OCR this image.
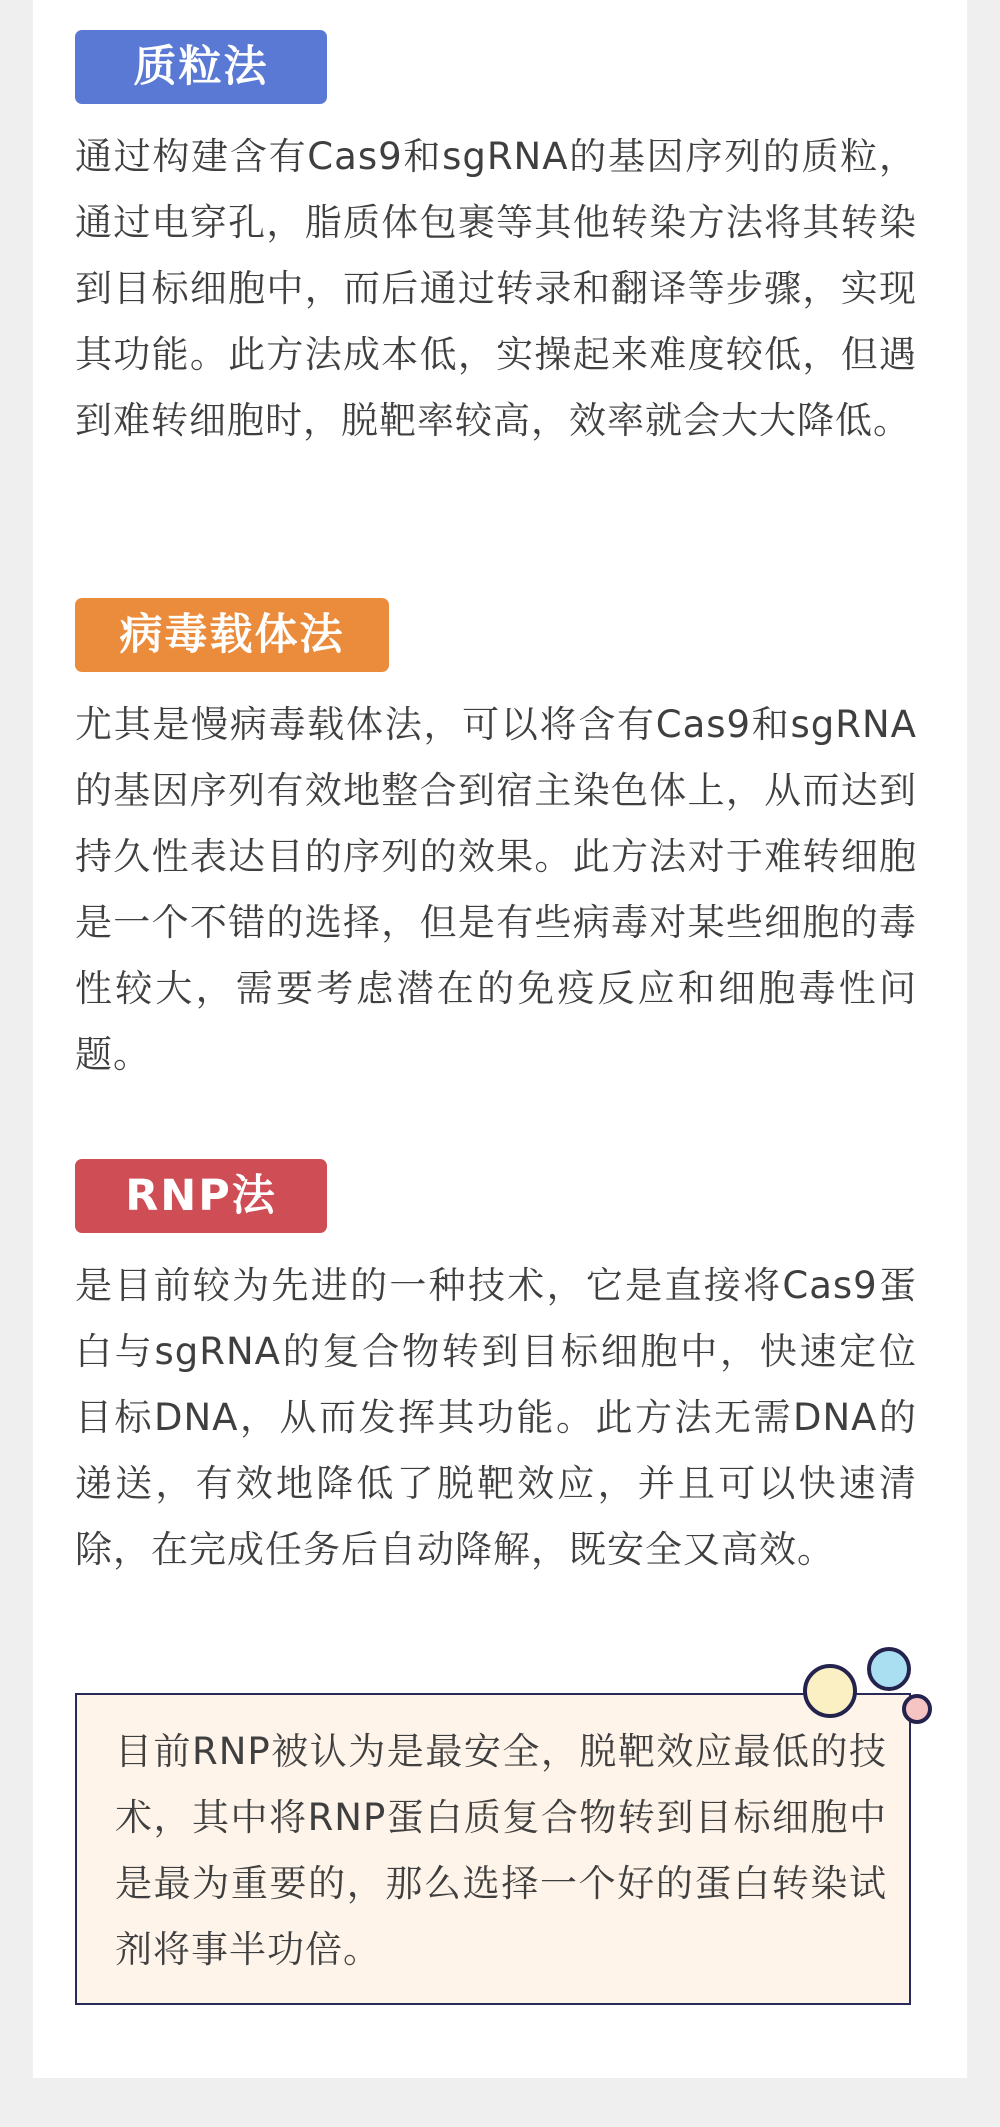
质粒法

通过构建含有Cas9和sgRNA的基因序列的质粒，通过电穿孔，脂质体包裹等其他转染方法将其转染到目标细胞中，而后通过转录和翻译等步骤，实现其功能。此方法成本低，实操起来难度较低，但遇到难转细胞时，脱靶率较高，效率就会大大降低。

病毒载体法

尤其是慢病毒载体法，可以将含有Cas9和sgRNA的基因序列有效地整合到宿主染色体上，从而达到持久性表达目的序列的效果。此方法对于难转细胞是一个不错的选择，但是有些病毒对某些细胞的毒性较大，需要考虑潜在的免疫反应和细胞毒性问题。

RNP法

是目前较为先进的一种技术，它是直接将Cas9蛋白与sgRNA的复合物转到目标细胞中，快速定位目标DNA，从而发挥其功能。此方法无需DNA的递送，有效地降低了脱靶效应，并且可以快速清除，在完成任务后自动降解，既安全又高效。

目前RNP被认为是最安全，脱靶效应最低的技术，其中将RNP蛋白质复合物转到目标细胞中是最为重要的，那么选择一个好的蛋白转染试剂将事半功倍。
